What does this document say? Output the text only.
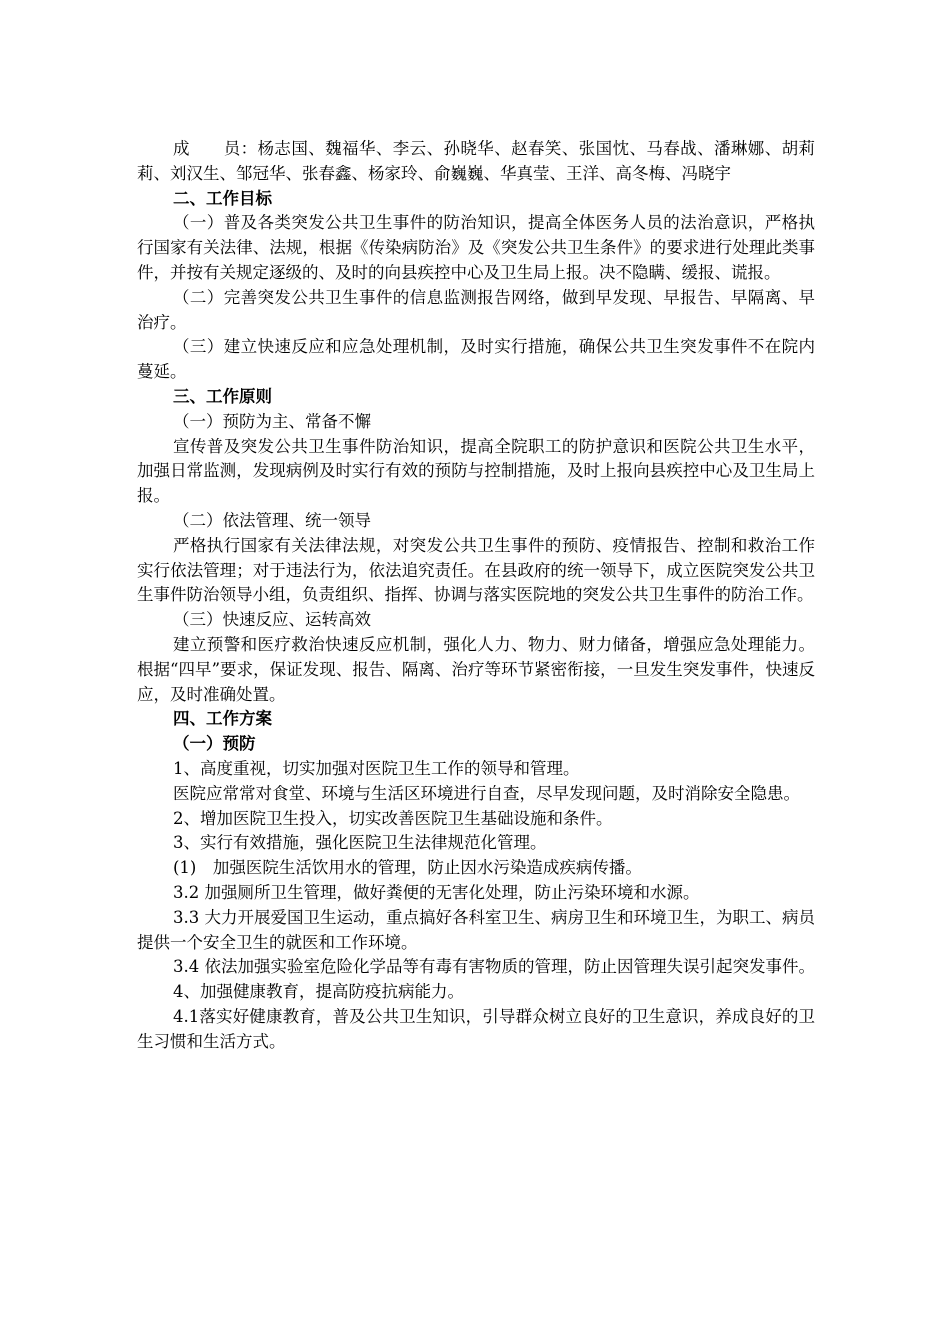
成　　员：杨志国、魏福华、李云、孙晓华、赵春笑、张国忱、马春战、潘琳娜、胡莉莉、刘汉生、邹冠华、张春鑫、杨家玲、俞巍巍、华真莹、王洋、高冬梅、冯晓宇

二、工作目标

（一）普及各类突发公共卫生事件的防治知识，提高全体医务人员的法治意识，严格执行国家有关法律、法规，根据《传染病防治》及《突发公共卫生条件》的要求进行处理此类事件，并按有关规定逐级的、及时的向县疾控中心及卫生局上报。决不隐瞒、缓报、谎报。

（二）完善突发公共卫生事件的信息监测报告网络，做到早发现、早报告、早隔离、早治疗。

（三）建立快速反应和应急处理机制，及时实行措施，确保公共卫生突发事件不在院内蔓延。

三、工作原则

（一）预防为主、常备不懈

宣传普及突发公共卫生事件防治知识，提高全院职工的防护意识和医院公共卫生水平，加强日常监测，发现病例及时实行有效的预防与控制措施，及时上报向县疾控中心及卫生局上报。

（二）依法管理、统一领导

严格执行国家有关法律法规，对突发公共卫生事件的预防、疫情报告、控制和救治工作实行依法管理；对于违法行为，依法追究责任。在县政府的统一领导下，成立医院突发公共卫生事件防治领导小组，负责组织、指挥、协调与落实医院地的突发公共卫生事件的防治工作。

（三）快速反应、运转高效

建立预警和医疗救治快速反应机制，强化人力、物力、财力储备，增强应急处理能力。根据“四早”要求，保证发现、报告、隔离、治疗等环节紧密衔接，一旦发生突发事件，快速反应，及时准确处置。

四、工作方案

（一）预防

1、高度重视，切实加强对医院卫生工作的领导和管理。

医院应常常对食堂、环境与生活区环境进行自查，尽早发现问题，及时消除安全隐患。

2、增加医院卫生投入，切实改善医院卫生基础设施和条件。

3、实行有效措施，强化医院卫生法律规范化管理。

(1)　加强医院生活饮用水的管理，防止因水污染造成疾病传播。

3.2 加强厕所卫生管理，做好粪便的无害化处理，防止污染环境和水源。

3.3 大力开展爱国卫生运动，重点搞好各科室卫生、病房卫生和环境卫生，为职工、病员提供一个安全卫生的就医和工作环境。

3.4 依法加强实验室危险化学品等有毒有害物质的管理，防止因管理失误引起突发事件。

4、加强健康教育，提高防疫抗病能力。

4.1落实好健康教育，普及公共卫生知识，引导群众树立良好的卫生意识，养成良好的卫生习惯和生活方式。
